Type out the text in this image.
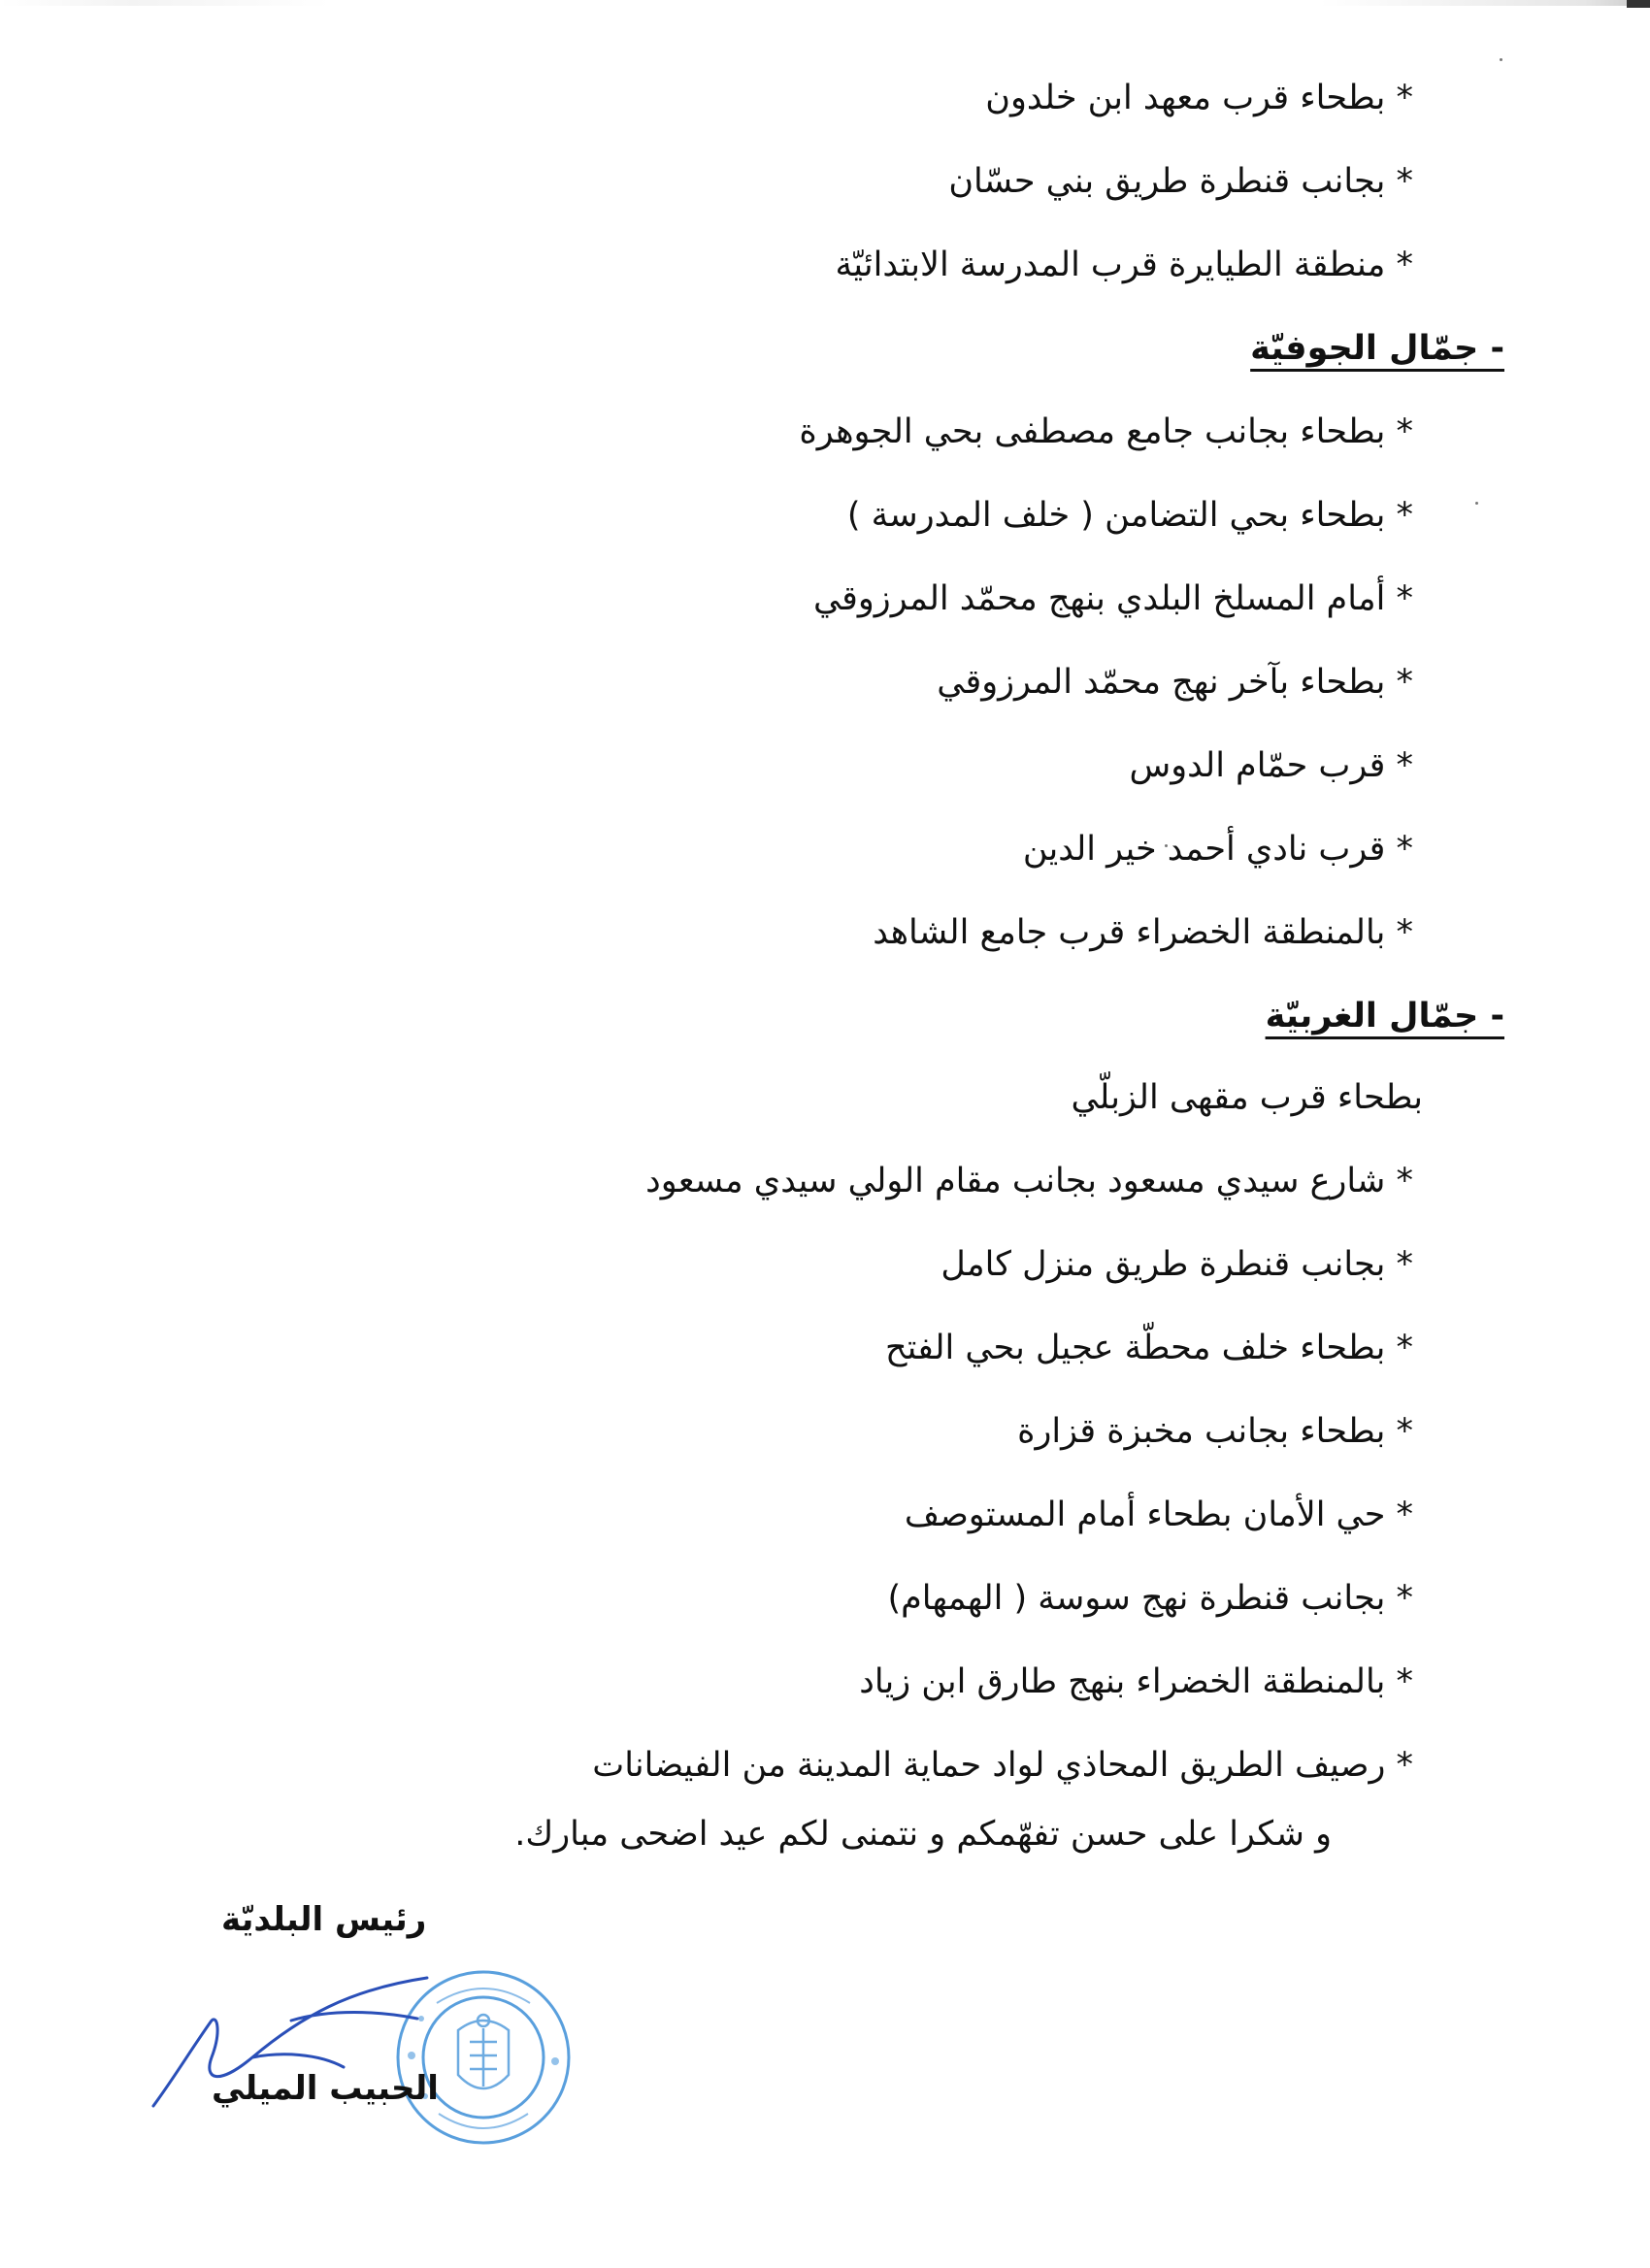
* بطحاء قرب معهد ابن خلدون
* بجانب قنطرة طريق بني حسّان
* منطقة الطيايرة قرب المدرسة الابتدائيّة
- جمّال الجوفيّة
* بطحاء بجانب جامع مصطفى بحي الجوهرة
* بطحاء بحي التضامن ( خلف المدرسة )
* أمام المسلخ البلدي بنهج محمّد المرزوقي
* بطحاء بآخر نهج محمّد المرزوقي
* قرب حمّام الدوس
* قرب نادي أحمد خير الدين
* بالمنطقة الخضراء قرب جامع الشاهد
- جمّال الغربيّة
بطحاء قرب مقهى الزبلّي
* شارع سيدي مسعود بجانب مقام الولي سيدي مسعود
* بجانب قنطرة طريق منزل كامل
* بطحاء خلف محطّة عجيل بحي الفتح
* بطحاء بجانب مخبزة قزارة
* حي الأمان بطحاء أمام المستوصف
* بجانب قنطرة نهج سوسة ( الهمهام)
* بالمنطقة الخضراء بنهج طارق ابن زياد
* رصيف الطريق المحاذي لواد حماية المدينة من الفيضانات
و شكرا على حسن تفهّمكم و نتمنى لكم عيد اضحى مبارك.
رئيس البلديّة
الحبيب الميلي
